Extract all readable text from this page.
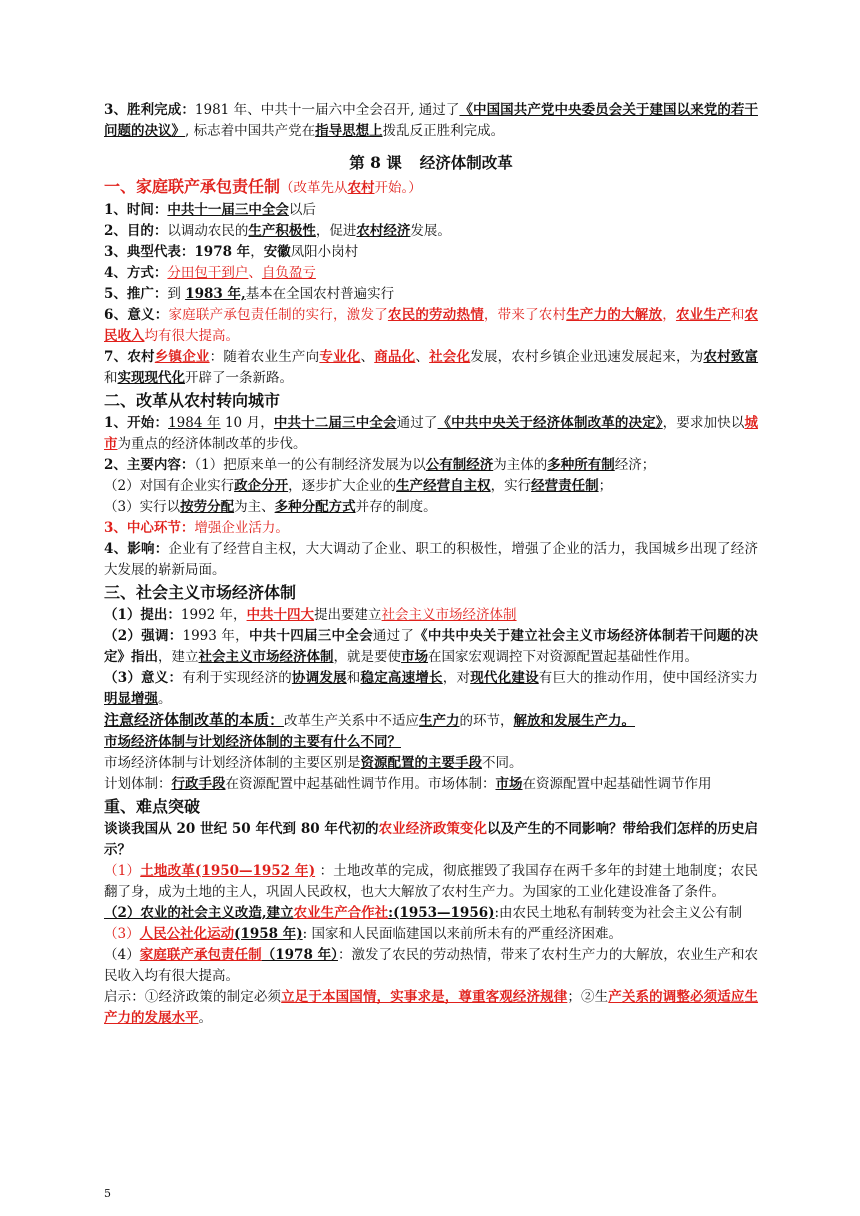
3、胜利完成：1981 年、中共十一届六中全会召开, 通过了《中国国共产党中央委员会关于建国以来党的若干问题的决议》, 标志着中国共产党在指导思想上拨乱反正胜利完成。

第 8 课 经济体制改革
一、家庭联产承包责任制（改革先从农村开始。）

1、时间：中共十一届三中全会以后

2、目的：以调动农民的生产积极性，促进农村经济发展。

3、典型代表：1978 年，安徽凤阳小岗村

4、方式：分田包干到户、自负盈亏

5、推广：到 1983 年,基本在全国农村普遍实行

6、意义：家庭联产承包责任制的实行，激发了农民的劳动热情，带来了农村生产力的大解放，农业生产和农民收入均有很大提高。

7、农村乡镇企业：随着农业生产向专业化、商品化、社会化发展，农村乡镇企业迅速发展起来，为农村致富和实现现代化开辟了一条新路。

二、改革从农村转向城市

1、开始：1984 年 10 月，中共十二届三中全会通过了《中共中央关于经济体制改革的决定》，要求加快以城市为重点的经济体制改革的步伐。

2、主要内容：（1）把原来单一的公有制经济发展为以公有制经济为主体的多种所有制经济；

（2）对国有企业实行政企分开，逐步扩大企业的生产经营自主权，实行经营责任制；

（3）实行以按劳分配为主、多种分配方式并存的制度。

3、中心环节：增强企业活力。

4、影响：企业有了经营自主权，大大调动了企业、职工的积极性，增强了企业的活力，我国城乡出现了经济大发展的崭新局面。

三、社会主义市场经济体制

（1）提出：1992 年，中共十四大提出要建立社会主义市场经济体制

（2）强调：1993 年，中共十四届三中全会通过了《中共中央关于建立社会主义市场经济体制若干问题的决定》指出，建立社会主义市场经济体制，就是要使市场在国家宏观调控下对资源配置起基础性作用。

（3）意义：有利于实现经济的协调发展和稳定高速增长，对现代化建设有巨大的推动作用，使中国经济实力明显增强。

注意经济体制改革的本质：改革生产关系中不适应生产力的环节，解放和发展生产力。

市场经济体制与计划经济体制的主要有什么不同？

市场经济体制与计划经济体制的主要区别是资源配置的主要手段不同。

计划体制：行政手段在资源配置中起基础性调节作用。市场体制：市场在资源配置中起基础性调节作用

重、难点突破

谈谈我国从 20 世纪 50 年代到 80 年代初的农业经济政策变化以及产生的不同影响？带给我们怎样的历史启示？

（1）土地改革(1950—1952 年) ：土地改革的完成，彻底摧毁了我国存在两千多年的封建土地制度；农民翻了身，成为土地的主人，巩固人民政权，也大大解放了农村生产力。为国家的工业化建设准备了条件。

（2）农业的社会主义改造,建立农业生产合作社:(1953—1956):由农民土地私有制转变为社会主义公有制

（3）人民公社化运动(1958 年): 国家和人民面临建国以来前所未有的严重经济困难。

（4）家庭联产承包责任制（1978 年）：激发了农民的劳动热情，带来了农村生产力的大解放，农业生产和农民收入均有很大提高。

启示：①经济政策的制定必须立足于本国国情，实事求是，尊重客观经济规律；②生产关系的调整必须适应生产力的发展水平。

5
